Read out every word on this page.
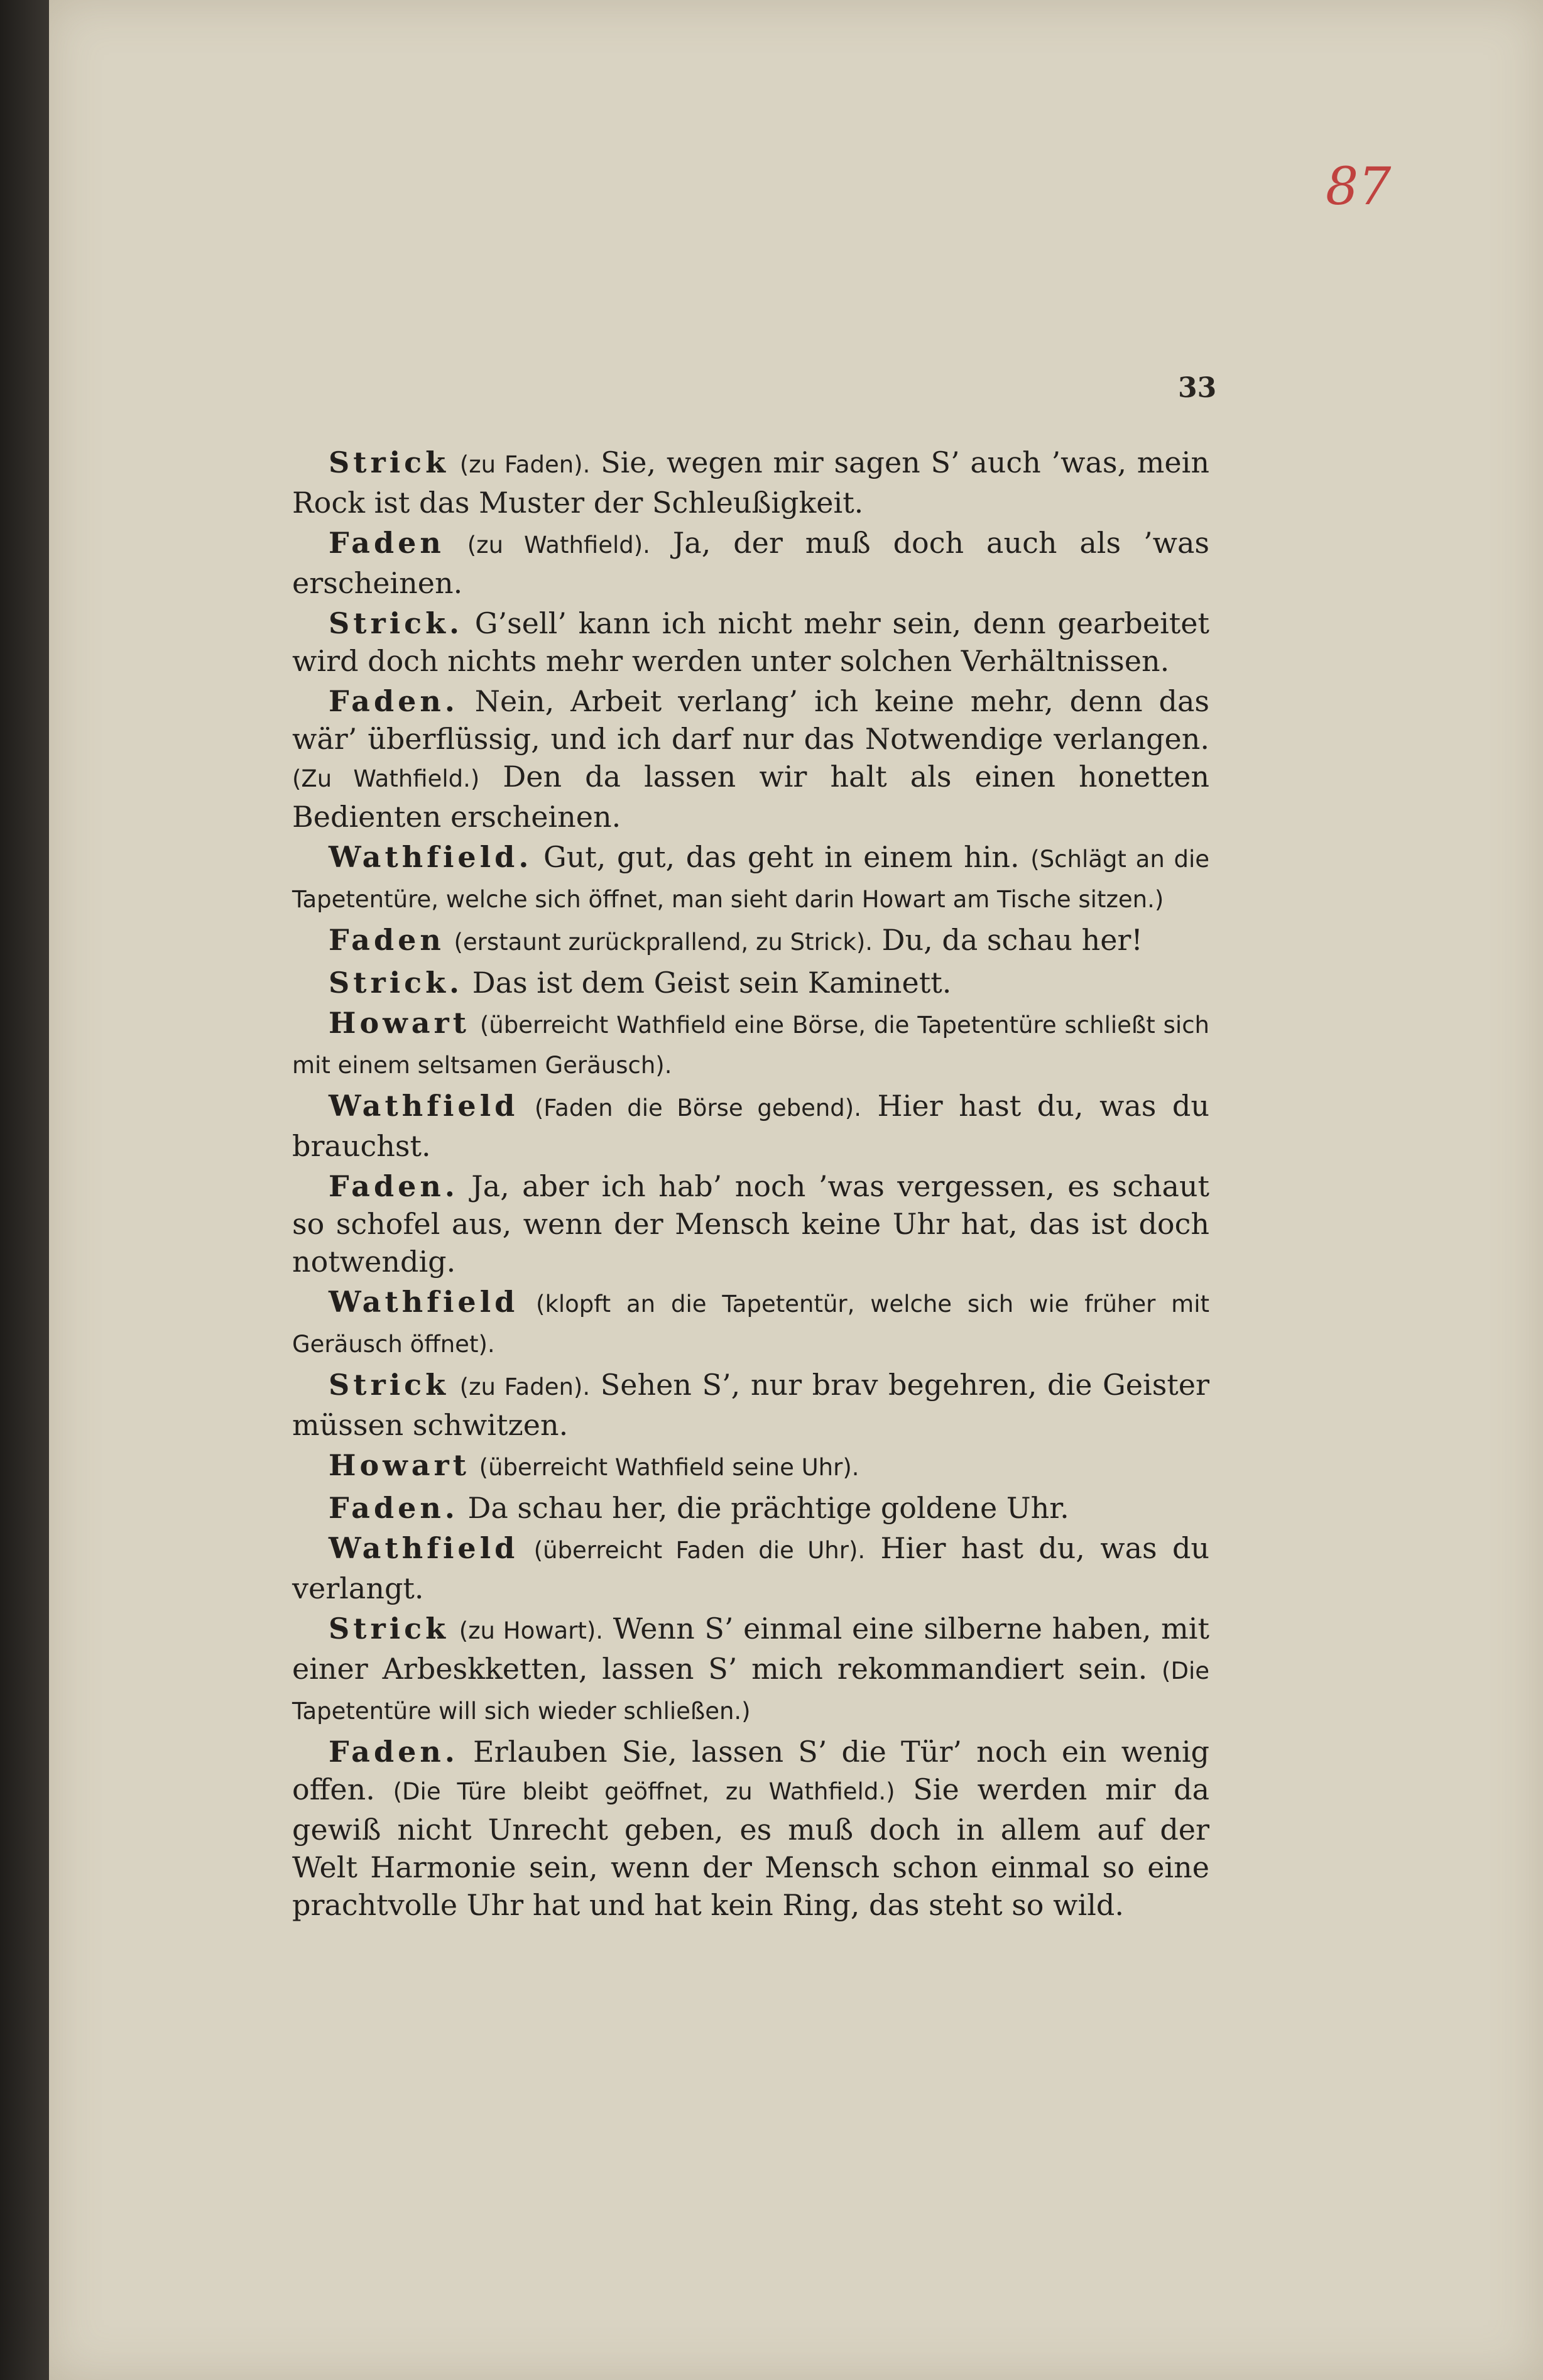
87
33

Strick (zu Faden). Sie, wegen mir sagen S’ auch ’was, mein Rock ist das Muster der Schleußigkeit.

Faden (zu Wathfield). Ja, der muß doch auch als ’was erscheinen.

Strick. G’sell’ kann ich nicht mehr sein, denn gearbeitet wird doch nichts mehr werden unter solchen Verhältnissen.

Faden. Nein, Arbeit verlang’ ich keine mehr, denn das wär’ überflüssig, und ich darf nur das Notwendige verlangen. (Zu Wathfield.) Den da lassen wir halt als einen honetten Bedienten erscheinen.

Wathfield. Gut, gut, das geht in einem hin. (Schlägt an die Tapetentüre, welche sich öffnet, man sieht darin Howart am Tische sitzen.)

Faden (erstaunt zurückprallend, zu Strick). Du, da schau her!

Strick. Das ist dem Geist sein Kaminett.

Howart (überreicht Wathfield eine Börse, die Tapetentüre schließt sich mit einem seltsamen Geräusch).

Wathfield (Faden die Börse gebend). Hier hast du, was du brauchst.

Faden. Ja, aber ich hab’ noch ’was vergessen, es schaut so schofel aus, wenn der Mensch keine Uhr hat, das ist doch notwendig.

Wathfield (klopft an die Tapetentür, welche sich wie früher mit Geräusch öffnet).

Strick (zu Faden). Sehen S’, nur brav begehren, die Geister müssen schwitzen.

Howart (überreicht Wathfield seine Uhr).

Faden. Da schau her, die prächtige goldene Uhr.

Wathfield (überreicht Faden die Uhr). Hier hast du, was du verlangt.

Strick (zu Howart). Wenn S’ einmal eine silberne haben, mit einer Arbeskketten, lassen S’ mich rekommandiert sein. (Die Tapetentüre will sich wieder schließen.)

Faden. Erlauben Sie, lassen S’ die Tür’ noch ein wenig offen. (Die Türe bleibt geöffnet, zu Wathfield.) Sie werden mir da gewiß nicht Unrecht geben, es muß doch in allem auf der Welt Harmonie sein, wenn der Mensch schon einmal so eine prachtvolle Uhr hat und hat kein Ring, das steht so wild.
